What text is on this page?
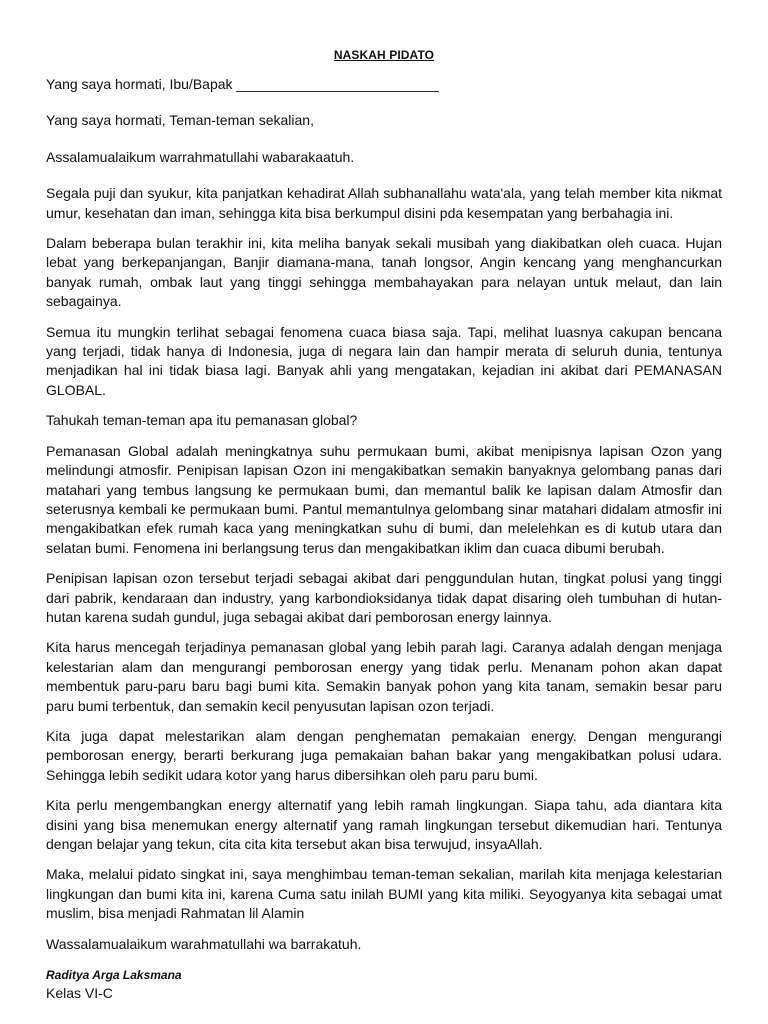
NASKAH PIDATO
Yang saya hormati, Ibu/Bapak __________________________
Yang saya hormati, Teman-teman sekalian,
Assalamualaikum warrahmatullahi wabarakaatuh.
Segala puji dan syukur, kita panjatkan kehadirat Allah subhanallahu wata'ala, yang telah member kita nikmat umur, kesehatan dan iman, sehingga kita bisa berkumpul disini pda kesempatan yang berbahagia ini.
Dalam beberapa bulan terakhir ini, kita meliha banyak sekali musibah yang diakibatkan oleh cuaca. Hujan lebat yang berkepanjangan, Banjir diamana-mana, tanah longsor, Angin kencang yang menghancurkan banyak rumah, ombak laut yang tinggi sehingga membahayakan para nelayan untuk melaut, dan lain sebagainya.
Semua itu mungkin terlihat sebagai fenomena cuaca biasa saja. Tapi, melihat luasnya cakupan bencana yang terjadi, tidak hanya di Indonesia, juga di negara lain dan hampir merata di seluruh dunia, tentunya menjadikan hal ini tidak biasa lagi. Banyak ahli yang mengatakan, kejadian ini akibat dari PEMANASAN GLOBAL.
Tahukah teman-teman apa itu pemanasan global?
Pemanasan Global adalah meningkatnya suhu permukaan bumi, akibat menipisnya lapisan Ozon yang melindungi atmosfir. Penipisan lapisan Ozon ini mengakibatkan semakin banyaknya gelombang panas dari matahari yang tembus langsung ke permukaan bumi, dan memantul balik ke lapisan dalam Atmosfir dan seterusnya kembali ke permukaan bumi. Pantul memantulnya gelombang sinar matahari didalam atmosfir ini mengakibatkan efek rumah kaca yang meningkatkan suhu di bumi, dan melelehkan es di kutub utara dan selatan bumi. Fenomena ini berlangsung terus dan mengakibatkan iklim dan cuaca dibumi berubah.
Penipisan lapisan ozon tersebut terjadi sebagai akibat dari penggundulan hutan, tingkat polusi yang tinggi dari pabrik, kendaraan dan industry, yang karbondioksidanya tidak dapat disaring oleh tumbuhan di hutan-hutan karena sudah gundul, juga sebagai akibat dari pemborosan energy lainnya.
Kita harus mencegah terjadinya pemanasan global yang lebih parah lagi. Caranya adalah dengan menjaga kelestarian alam dan mengurangi pemborosan energy yang tidak perlu. Menanam pohon akan dapat membentuk paru-paru baru bagi bumi kita. Semakin banyak pohon yang kita tanam, semakin besar paru paru bumi terbentuk, dan semakin kecil penyusutan lapisan ozon terjadi.
Kita juga dapat melestarikan alam dengan penghematan pemakaian energy. Dengan mengurangi pemborosan energy, berarti berkurang juga pemakaian bahan bakar yang mengakibatkan polusi udara. Sehingga lebih sedikit udara kotor yang harus dibersihkan oleh paru paru bumi.
Kita perlu mengembangkan energy alternatif yang lebih ramah lingkungan. Siapa tahu, ada diantara kita disini yang bisa menemukan energy alternatif yang ramah lingkungan tersebut dikemudian hari. Tentunya dengan belajar yang tekun, cita cita kita tersebut akan bisa terwujud, insyaAllah.
Maka, melalui pidato singkat ini, saya menghimbau teman-teman sekalian, marilah kita menjaga kelestarian lingkungan dan bumi kita ini, karena Cuma satu inilah BUMI yang kita miliki. Seyogyanya kita sebagai umat muslim, bisa menjadi Rahmatan lil Alamin
Wassalamualaikum warahmatullahi wa barrakatuh.
Raditya Arga Laksmana
Kelas VI-C
